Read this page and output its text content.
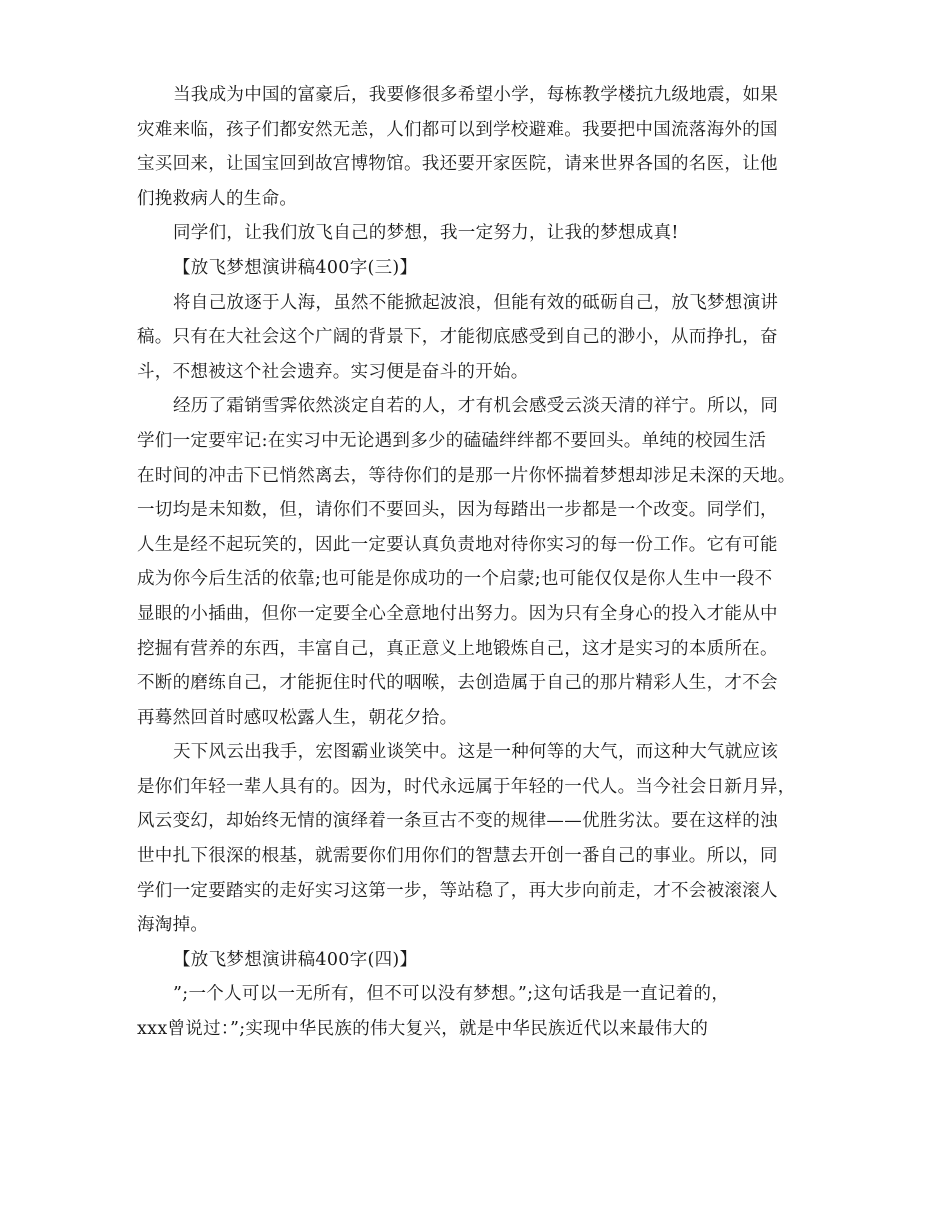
当我成为中国的富豪后，我要修很多希望小学，每栋教学楼抗九级地震，如果
灾难来临，孩子们都安然无恙，人们都可以到学校避难。我要把中国流落海外的国
宝买回来，让国宝回到故宫博物馆。我还要开家医院，请来世界各国的名医，让他
们挽救病人的生命。
同学们，让我们放飞自己的梦想，我一定努力，让我的梦想成真!
【放飞梦想演讲稿400字(三)】
将自己放逐于人海，虽然不能掀起波浪，但能有效的砥砺自己，放飞梦想演讲
稿。只有在大社会这个广阔的背景下，才能彻底感受到自己的渺小，从而挣扎，奋
斗，不想被这个社会遗弃。实习便是奋斗的开始。
经历了霜销雪霁依然淡定自若的人，才有机会感受云淡天清的祥宁。所以，同
学们一定要牢记:在实习中无论遇到多少的磕磕绊绊都不要回头。单纯的校园生活
在时间的冲击下已悄然离去，等待你们的是那一片你怀揣着梦想却涉足未深的天地。
一切均是未知数，但，请你们不要回头，因为每踏出一步都是一个改变。同学们，
人生是经不起玩笑的，因此一定要认真负责地对待你实习的每一份工作。它有可能
成为你今后生活的依靠;也可能是你成功的一个启蒙;也可能仅仅是你人生中一段不
显眼的小插曲，但你一定要全心全意地付出努力。因为只有全身心的投入才能从中
挖掘有营养的东西，丰富自己，真正意义上地锻炼自己，这才是实习的本质所在。
不断的磨练自己，才能扼住时代的咽喉，去创造属于自己的那片精彩人生，才不会
再蓦然回首时感叹松露人生，朝花夕拾。
天下风云出我手，宏图霸业谈笑中。这是一种何等的大气，而这种大气就应该
是你们年轻一辈人具有的。因为，时代永远属于年轻的一代人。当今社会日新月异，
风云变幻，却始终无情的演绎着一条亘古不变的规律——优胜劣汰。要在这样的浊
世中扎下很深的根基，就需要你们用你们的智慧去开创一番自己的事业。所以，同
学们一定要踏实的走好实习这第一步，等站稳了，再大步向前走，才不会被滚滚人
海淘掉。
【放飞梦想演讲稿400字(四)】
”;一个人可以一无所有，但不可以没有梦想。”;这句话我是一直记着的，
xxx曾说过：”;实现中华民族的伟大复兴，就是中华民族近代以来最伟大的
